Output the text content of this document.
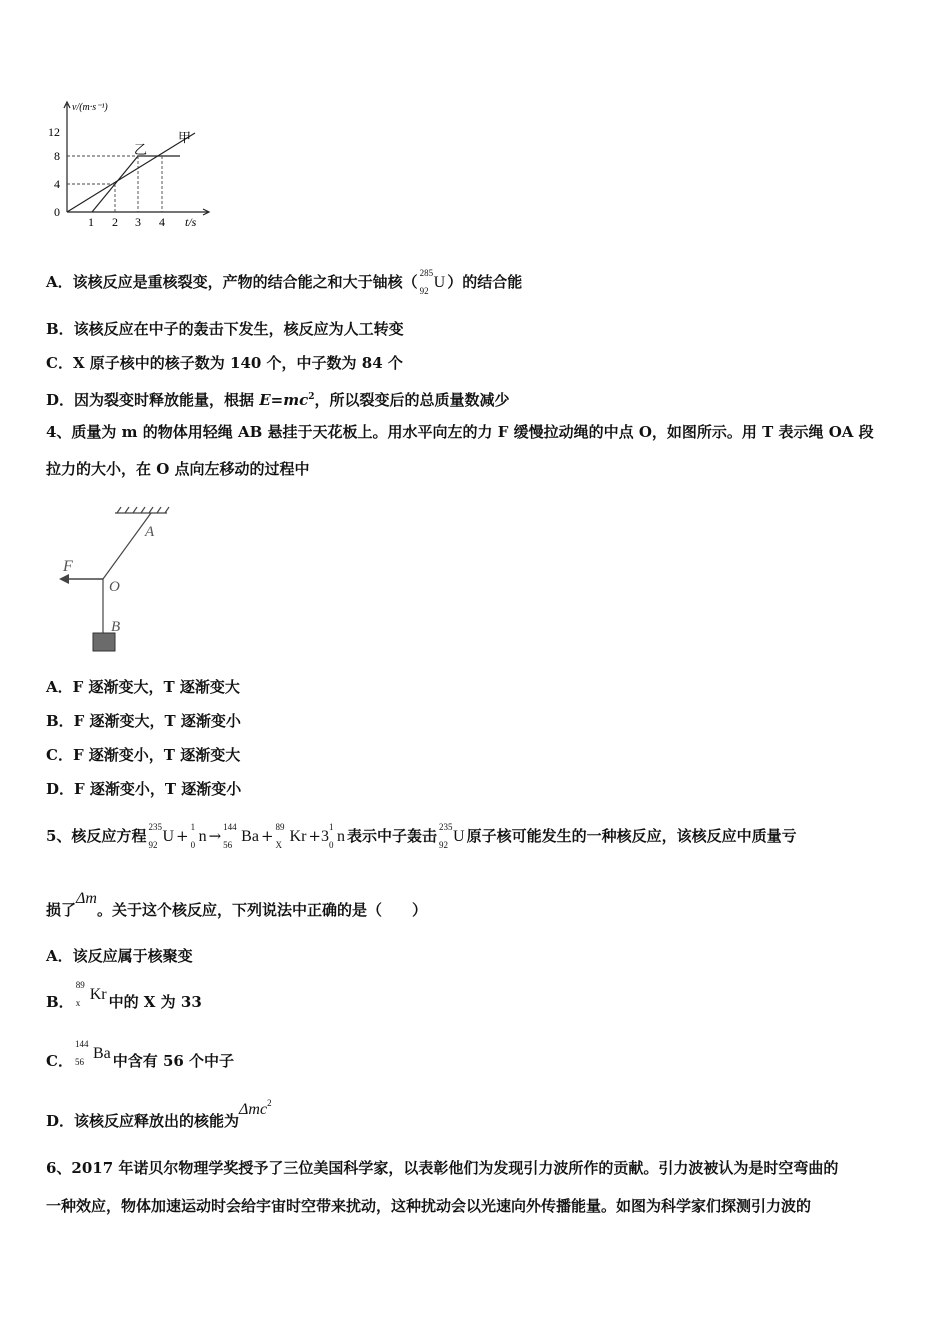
v/(m·s⁻¹)
12
8
4
0
1 2 3 4 t/s
甲
乙
A．该核反应是重核裂变，产物的结合能之和大于铀核（ 285
92 U ）的结合能
B．该核反应在中子的轰击下发生，核反应为人工转变
C．X 原子核中的核子数为 140 个，中子数为 84 个
D．因为裂变时释放能量，根据 $E=mc^2$，所以裂变后的总质量数减少
4、质量为 m 的物体用轻绳 AB 悬挂于天花板上。用水平向左的力 F 缓慢拉动绳的中点 O，如图所示。用 T 表示绳 OA 段
拉力的大小，在 O 点向左移动的过程中
A
O
F
B
A．F 逐渐变大，T 逐渐变大
B．F 逐渐变大，T 逐渐变小
C．F 逐渐变小，T 逐渐变大
D．F 逐渐变小，T 逐渐变小
5、核反应方程 235
92 U + 1
0 n → 144
56 Ba + 89
X Kr +3
1
0 n 表示中子轰击 235
92 U 原子核可能发生的一种核反应，该核反应中质量亏
损了Δm。关于这个核反应，下列说法中正确的是（　　）
A．该反应属于核聚变
B．
89
x Kr 中的 X 为 33
C．
144
56 Ba 中含有 56 个中子
D．该核反应释放出的核能为Δmc$^2$
6、2017 年诺贝尔物理学奖授予了三位美国科学家，以表彰他们为发现引力波所作的贡献。引力波被认为是时空弯曲的
一种效应，物体加速运动时会给宇宙时空带来扰动，这种扰动会以光速向外传播能量。如图为科学家们探测引力波的
